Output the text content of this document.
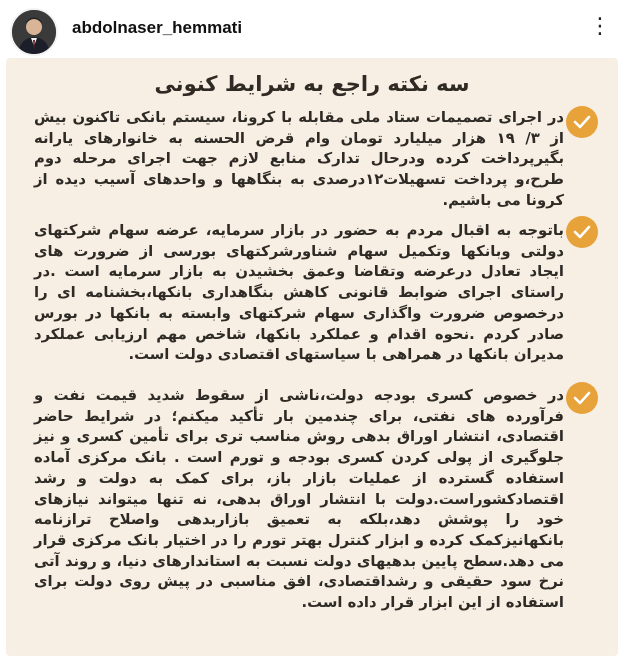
abdolnaser_hemmati	⋮
سه نکته راجع به شرایط کنونی
در اجرای تصمیمات ستاد ملی مقابله با کرونا، سیستم بانکی تاکنون بیش از ۳/ ۱۹ هزار میلیارد تومان وام قرض الحسنه به خانوارهای یارانه بگیرپرداخت کرده ودرحال تدارک منابع لازم جهت اجرای مرحله دوم طرح،و پرداخت تسهیلات۱۲درصدی به بنگاهها و واحدهای آسیب دیده از کرونا می باشیم.
باتوجه به اقبال مردم به حضور در بازار سرمایه، عرضه سهام شرکتهای دولتی وبانکها وتکمیل سهام شناورشرکتهای بورسی از ضرورت های ایجاد تعادل درعرضه وتقاضا وعمق بخشیدن به بازار سرمایه است .در راستای اجرای ضوابط قانونی کاهش بنگاهداری بانکها،بخشنامه ای را درخصوص ضرورت واگذاری سهام شرکتهای وابسته به بانکها در بورس صادر کردم .نحوه اقدام و عملکرد بانکها، شاخص مهم ارزیابی عملکرد مدیران بانکها در همراهی با سیاستهای اقتصادی دولت است.
در خصوص کسری بودجه دولت،ناشی از سقوط شدید قیمت نفت و فرآورده های نفتی، برای چندمین بار تأکید میکنم؛ در شرایط حاضر اقتصادی، انتشار اوراق بدهی روش مناسب تری برای تأمین کسری و نیز جلوگیری از پولی کردن کسری بودجه و تورم است . بانک مرکزی آماده استفاده گسترده از عملیات بازار باز، برای کمک به دولت و رشد اقتصادکشوراست.دولت با انتشار اوراق بدهی، نه تنها میتواند نیازهای خود را پوشش دهد،بلکه به تعمیق بازاربدهی واصلاح ترازنامه بانکهانیزکمک کرده و ابزار کنترل بهتر تورم را در اختیار بانک مرکزی قرار می دهد.سطح پایین بدهیهای دولت نسبت به استاندارهای دنیا، و روند آتی نرخ سود حقیقی و رشداقتصادی، افق مناسبی در پیش روی دولت برای استفاده از این ابزار قرار داده است.
